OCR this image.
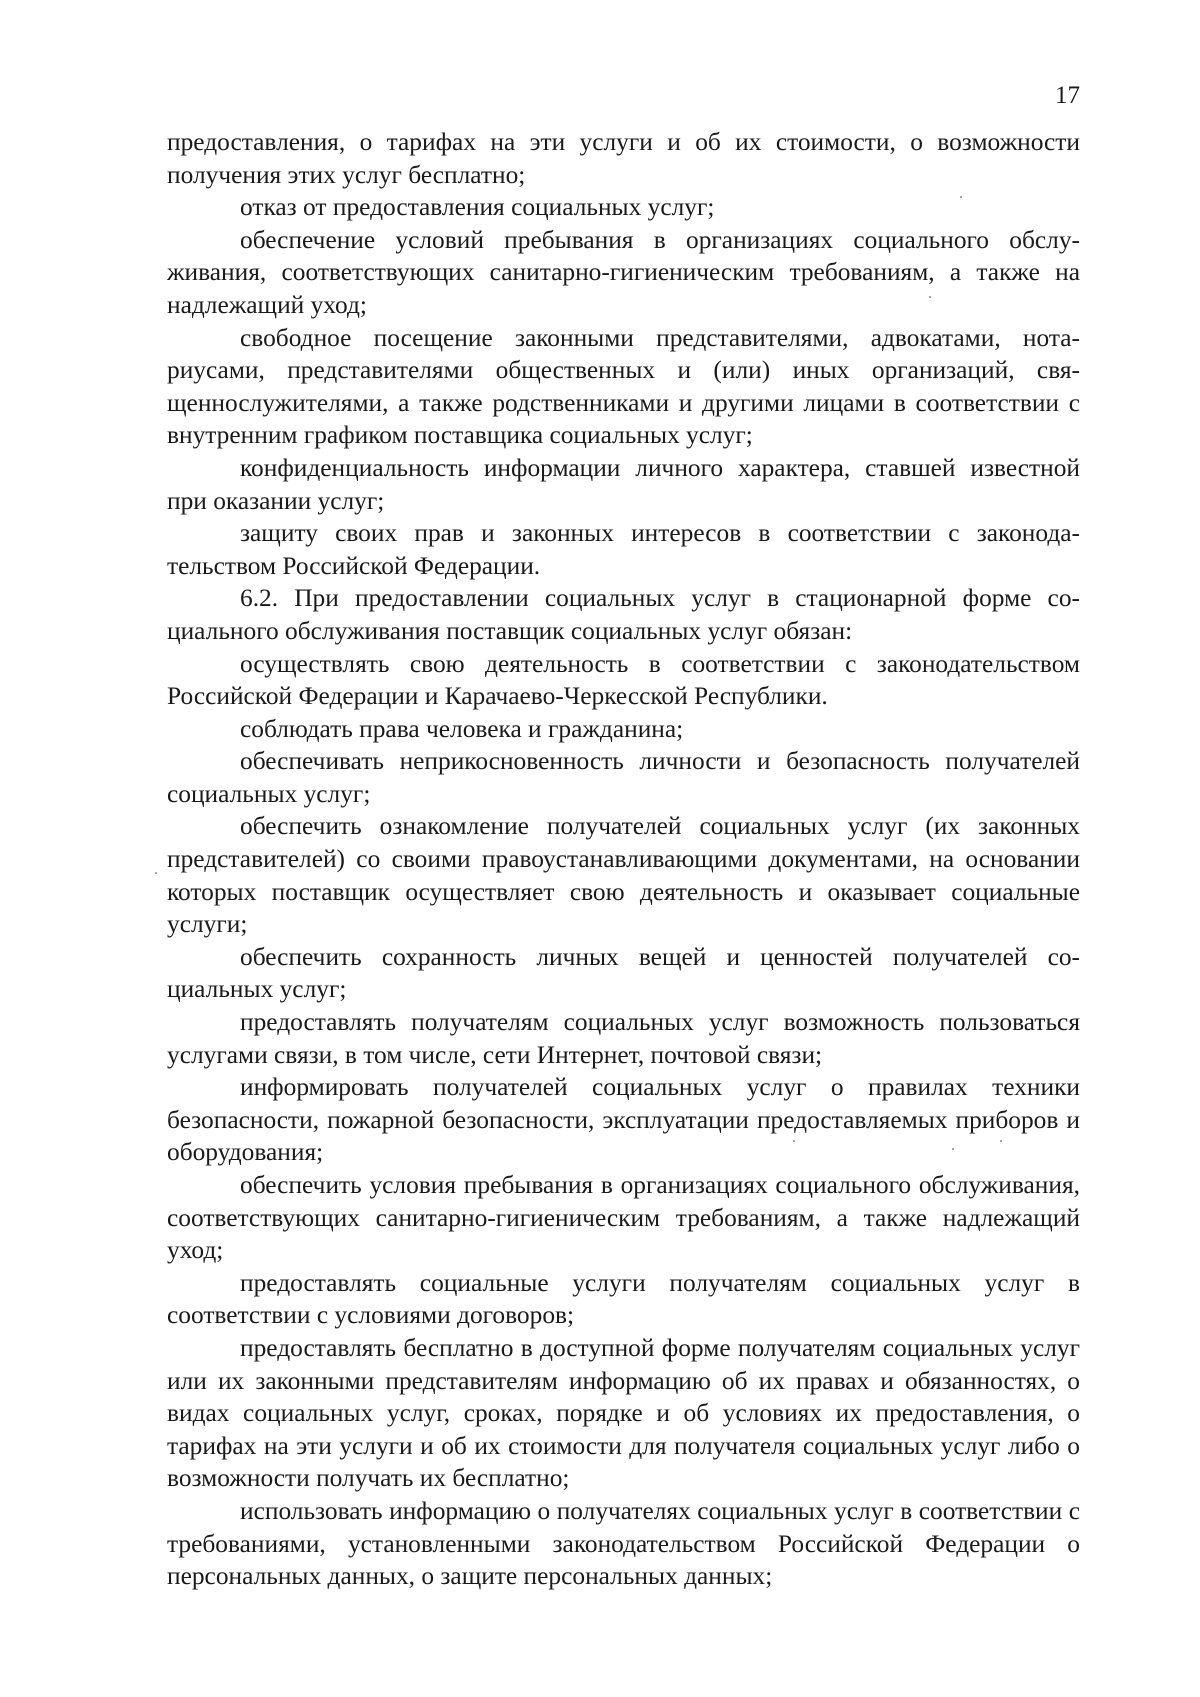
17

предоставления, о тарифах на эти услуги и об их стоимости, о возможности получения этих услуг бесплатно;

отказ от предоставления социальных услуг;

обеспечение условий пребывания в организациях социального обслуживания, соответствующих санитарно-гигиеническим требованиям, а также на надлежащий уход;

свободное посещение законными представителями, адвокатами, нотариусами, представителями общественных и (или) иных организаций, священнослужителями, а также родственниками и другими лицами в соответствии с внутренним графиком поставщика социальных услуг;

конфиденциальность информации личного характера, ставшей известной при оказании услуг;

защиту своих прав и законных интересов в соответствии с законодательством Российской Федерации.

6.2. При предоставлении социальных услуг в стационарной форме социального обслуживания поставщик социальных услуг обязан:

осуществлять свою деятельность в соответствии с законодательством Российской Федерации и Карачаево-Черкесской Республики.

соблюдать права человека и гражданина;

обеспечивать неприкосновенность личности и безопасность получателей социальных услуг;

обеспечить ознакомление получателей социальных услуг (их законных представителей) со своими правоустанавливающими документами, на основании которых поставщик осуществляет свою деятельность и оказывает социальные услуги;

обеспечить сохранность личных вещей и ценностей получателей социальных услуг;

предоставлять получателям социальных услуг возможность пользоваться услугами связи, в том числе, сети Интернет, почтовой связи;

информировать получателей социальных услуг о правилах техники безопасности, пожарной безопасности, эксплуатации предоставляемых приборов и оборудования;

обеспечить условия пребывания в организациях социального обслуживания, соответствующих санитарно-гигиеническим требованиям, а также надлежащий уход;

предоставлять социальные услуги получателям социальных услуг в соответствии с условиями договоров;

предоставлять бесплатно в доступной форме получателям социальных услуг или их законными представителям информацию об их правах и обязанностях, о видах социальных услуг, сроках, порядке и об условиях их предоставления, о тарифах на эти услуги и об их стоимости для получателя социальных услуг либо о возможности получать их бесплатно;

использовать информацию о получателях социальных услуг в соответствии с требованиями, установленными законодательством Российской Федерации о персональных данных, о защите персональных данных;
